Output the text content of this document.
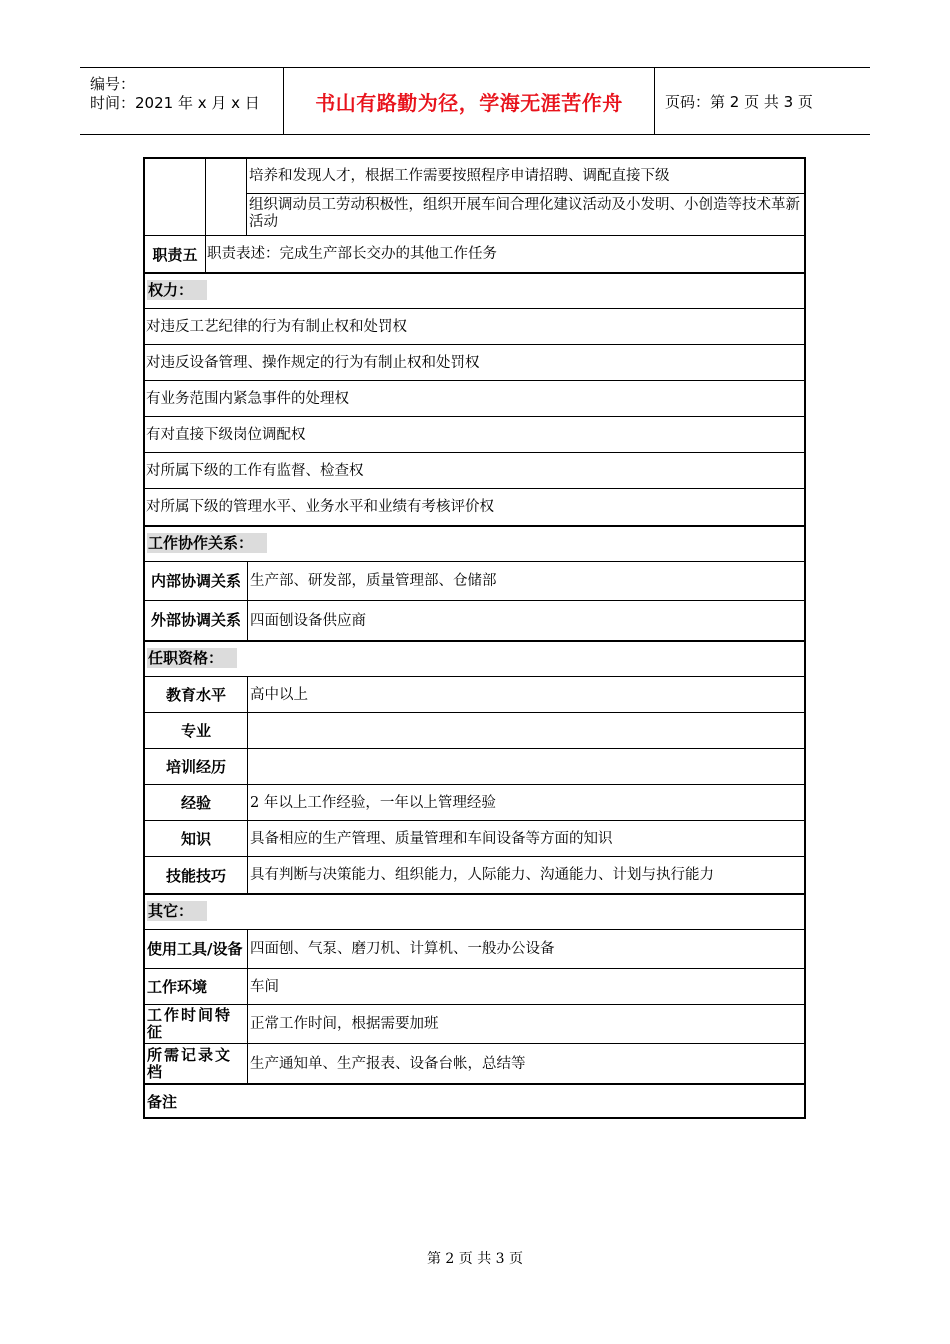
编号：
时间：2021 年 x 月 x 日	书山有路勤为径，学海无涯苦作舟	页码：第 2 页 共 3 页
培养和发现人才，根据工作需要按照程序申请招聘、调配直接下级
组织调动员工劳动积极性，组织开展车间合理化建议活动及小发明、小创造等技术革新活动
职责五 职责表述：完成生产部长交办的其他工作任务
权力：
对违反工艺纪律的行为有制止权和处罚权
对违反设备管理、操作规定的行为有制止权和处罚权
有业务范围内紧急事件的处理权
有对直接下级岗位调配权
对所属下级的工作有监督、检查权
对所属下级的管理水平、业务水平和业绩有考核评价权
工作协作关系：
内部协调关系 生产部、研发部，质量管理部、仓储部
外部协调关系 四面刨设备供应商
任职资格：
教育水平 高中以上
专业
培训经历
经验	2 年以上工作经验，一年以上管理经验
知识	具备相应的生产管理、质量管理和车间设备等方面的知识
技能技巧 具有判断与决策能力、组织能力，人际能力、沟通能力、计划与执行能力
其它：
使用工具/设备 四面刨、气泵、磨刀机、计算机、一般办公设备
工作环境	车间
工作时间特征	正常工作时间，根据需要加班
所需记录文档	生产通知单、生产报表、设备台帐，总结等
备注
第 2 页 共 3 页
